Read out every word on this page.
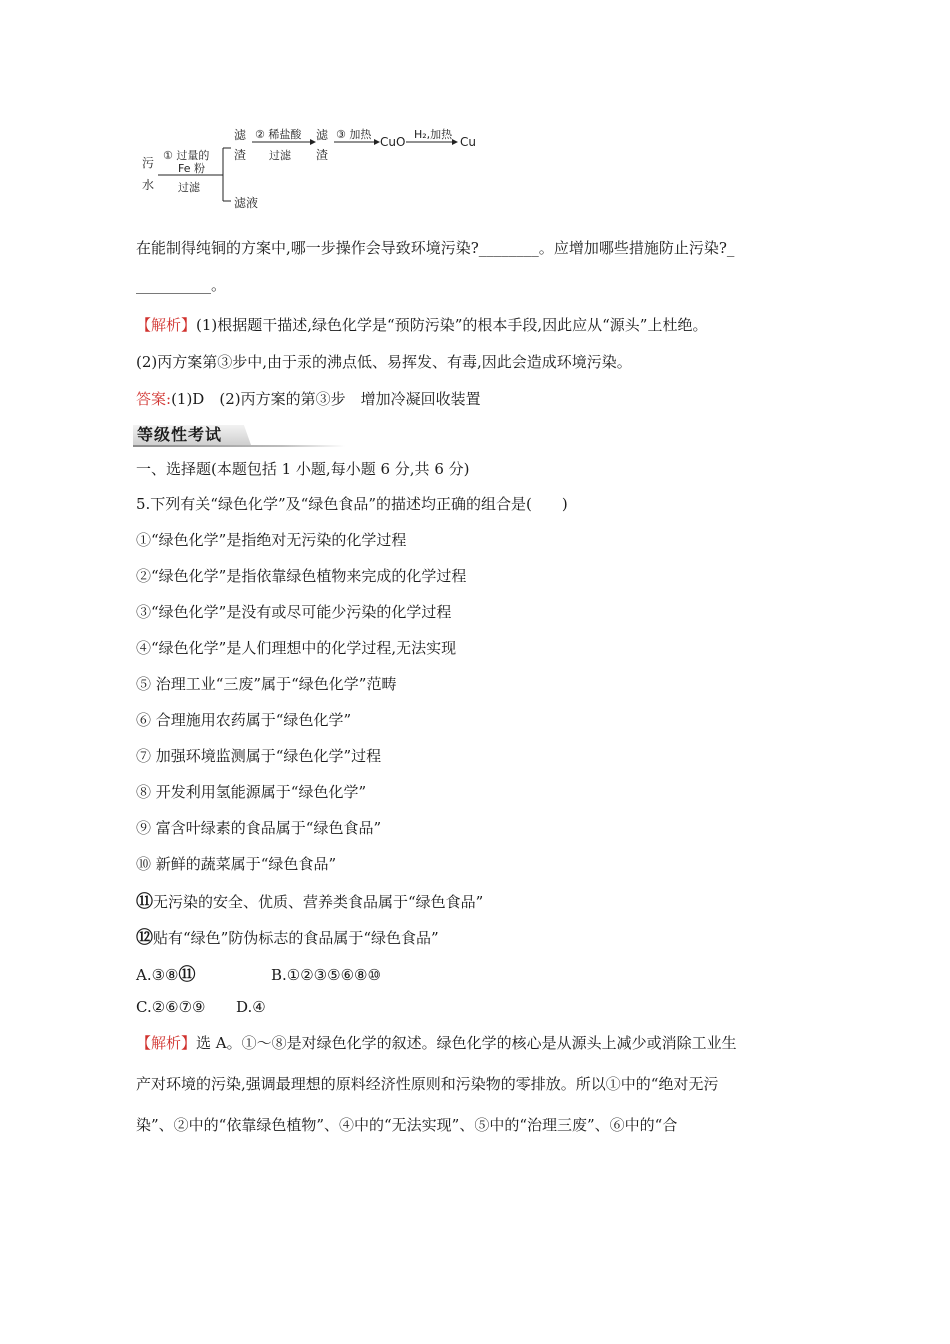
污
水
① 过量的
Fe 粉
过滤
滤
渣
② 稀盐酸
过滤
滤
渣
③ 加热
CuO
H₂,加热
Cu
滤液
在能制得纯铜的方案中,哪一步操作会导致环境污染?________。应增加哪些措施防止污染?_
__________。
【解析】(1)根据题干描述,绿色化学是“预防污染”的根本手段,因此应从“源头”上杜绝。
(2)丙方案第③步中,由于汞的沸点低、易挥发、有毒,因此会造成环境污染。
答案:(1)D　(2)丙方案的第③步　增加冷凝回收装置
等级性考试
一、选择题(本题包括 1 小题,每小题 6 分,共 6 分)
5.下列有关“绿色化学”及“绿色食品”的描述均正确的组合是(　　)
①“绿色化学”是指绝对无污染的化学过程
②“绿色化学”是指依靠绿色植物来完成的化学过程
③“绿色化学”是没有或尽可能少污染的化学过程
④“绿色化学”是人们理想中的化学过程,无法实现
⑤ 治理工业“三废”属于“绿色化学”范畴
⑥ 合理施用农药属于“绿色化学”
⑦ 加强环境监测属于“绿色化学”过程
⑧ 开发利用氢能源属于“绿色化学”
⑨ 富含叶绿素的食品属于“绿色食品”
⑩ 新鲜的蔬菜属于“绿色食品”
⑪无污染的安全、优质、营养类食品属于“绿色食品”
⑫贴有“绿色”防伪标志的食品属于“绿色食品”
A.③⑧⑪	B.①②③⑤⑥⑧⑩
C.②⑥⑦⑨ D.④
【解析】选 A。①～⑧是对绿色化学的叙述。绿色化学的核心是从源头上减少或消除工业生
产对环境的污染,强调最理想的原料经济性原则和污染物的零排放。所以①中的“绝对无污
染”、②中的“依靠绿色植物”、④中的“无法实现”、⑤中的“治理三废”、⑥中的“合
